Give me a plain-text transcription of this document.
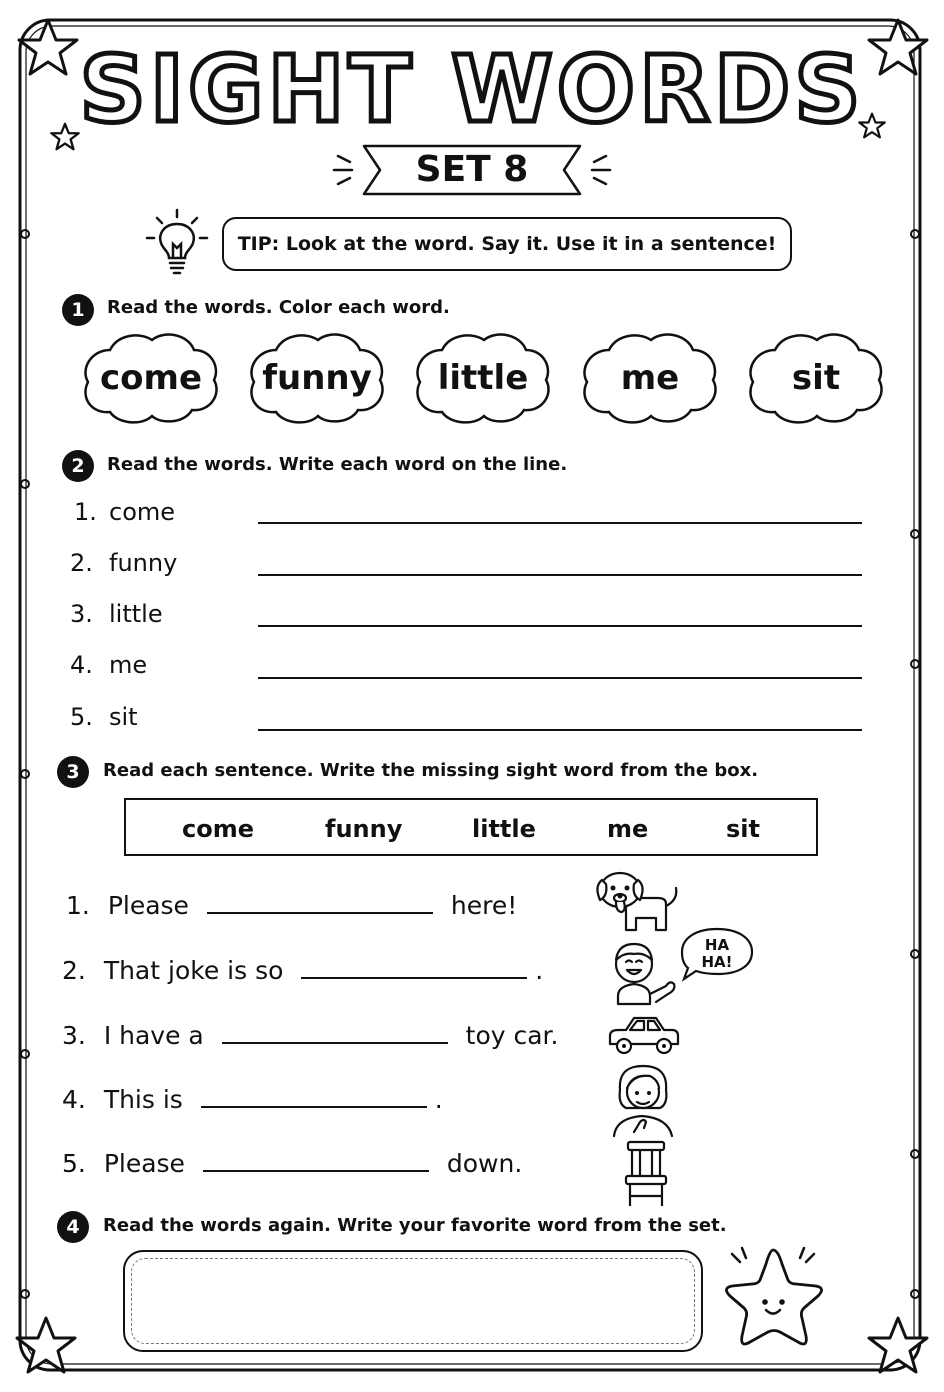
SIGHT WORDS
SET 8
TIP: Look at the word. Say it. Use it in a sentence!
1	Read the words. Color each word.
come	funny	little	me	sit
2	Read the words. Write each word on the line.
1. come
2. funny
3. little
4. me
5. sit
3	Read each sentence. Write the missing sight word from the box.
come	funny	little	me	sit
1. Please	here!
2. That joke is so	.
3. I have a	toy car.
4. This is	.
5. Please	down.
HA
HA!
4	Read the words again. Write your favorite word from the set.
